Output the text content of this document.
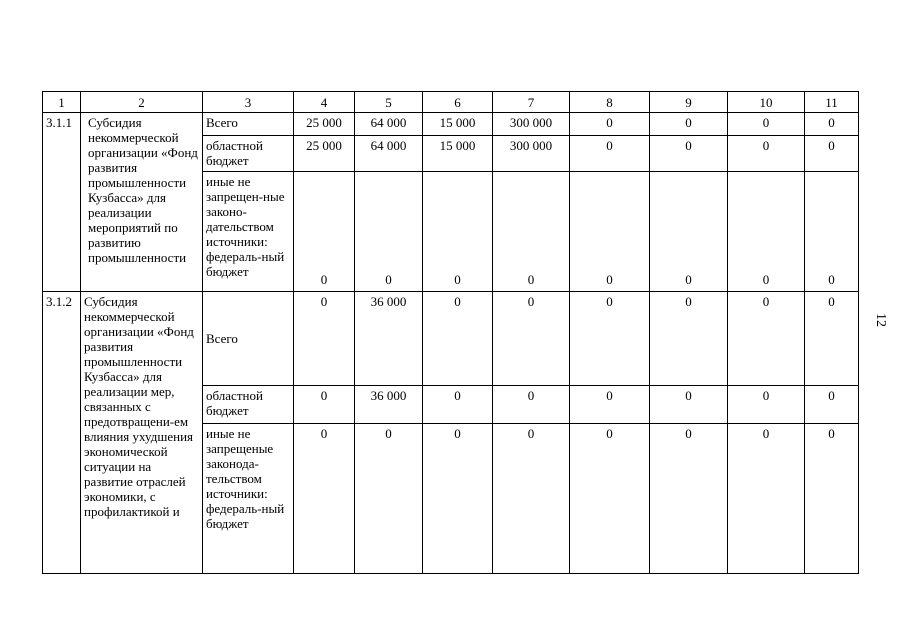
1	2	3	4	5	6	7	8	9	10	11
3.1.1	Субсидия некоммерческой организации «Фонд развития промышленности Кузбасса» для реализации мероприятий по развитию промышленности	Всего	25 000	64 000	15 000	300 000	0	0	0	0
		областной бюджет	25 000	64 000	15 000	300 000	0	0	0	0
		иные не запрещен-ные законо-дательством источники: федераль-ный бюджет	0	0	0	0	0	0	0	0
3.1.2	Субсидия некоммерческой организации «Фонд развития промышленности Кузбасса» для реализации мер, связанных с предотвращени-ем влияния ухудшения экономической ситуации на развитие отраслей экономики, с профилактикой и	Всего	0	36 000	0	0	0	0	0	0
		областной бюджет	0	36 000	0	0	0	0	0	0
		иные не запрещеные законода-тельством источники: федераль-ный бюджет	0	0	0	0	0	0	0	0
12
